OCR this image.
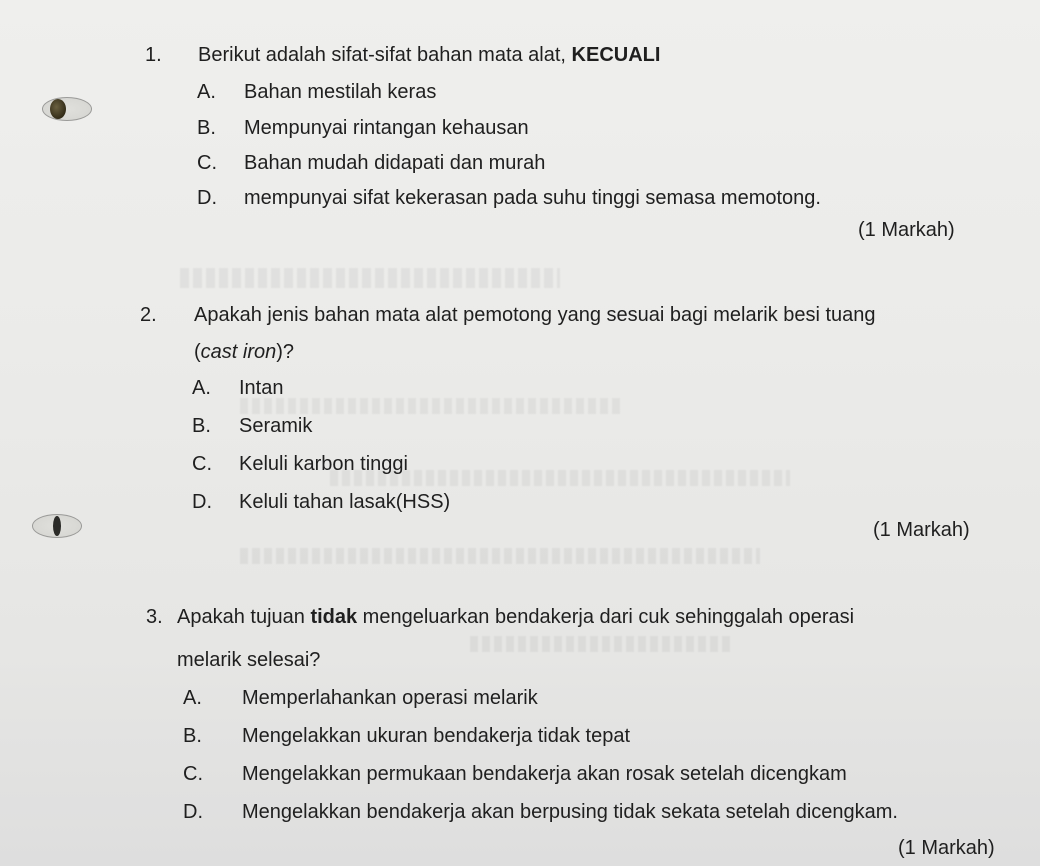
1. Berikut adalah sifat-sifat bahan mata alat, KECUALI
A. Bahan mestilah keras
B. Mempunyai rintangan kehausan
C. Bahan mudah didapati dan murah
D. mempunyai sifat kekerasan pada suhu tinggi semasa memotong.
(1 Markah)
2. Apakah jenis bahan mata alat pemotong yang sesuai bagi melarik besi tuang
(cast iron)?
A. Intan
B. Seramik
C. Keluli karbon tinggi
D. Keluli tahan lasak(HSS)
(1 Markah)
3. Apakah tujuan tidak mengeluarkan bendakerja dari cuk sehinggalah operasi
melarik selesai?
A. Memperlahankan operasi melarik
B. Mengelakkan ukuran bendakerja tidak tepat
C. Mengelakkan permukaan bendakerja akan rosak setelah dicengkam
D. Mengelakkan bendakerja akan berpusing tidak sekata setelah dicengkam.
(1 Markah)
